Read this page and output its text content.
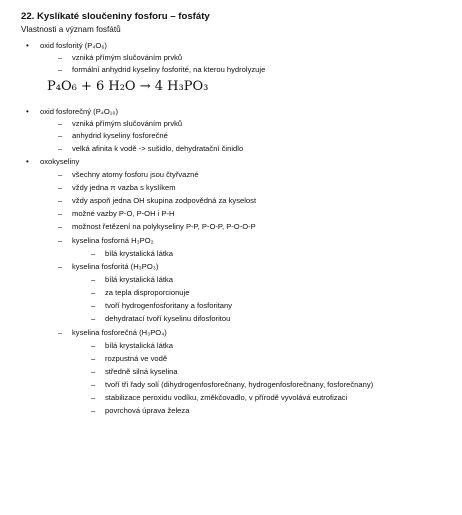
22. Kyslíkaté sloučeniny fosforu – fosfáty
Vlastnosti a význam fosfátů
• oxid fosforitý (P₄O₆)
– vzniká přímým slučováním prvků
– formální anhydrid kyseliny fosforité, na kterou hydrolyzuje
P₄O₆ + 6 H₂O → 4 H₃PO₃
• oxid fosforečný (P₄O₁₀)
– vzniká přímým slučováním prvků
– anhydrid kyseliny fosforečné
– velká afinita k vodě -> sušidlo, dehydratační činidlo
• oxokyseliny
– všechny atomy fosforu jsou čtyřvazné
– vždy jedna π vazba s kyslíkem
– vždy aspoň jedna OH skupina zodpovědná za kyselost
– možné vazby P-O, P-OH i P-H
– možnost řetězení na polykyseliny P-P, P-O-P, P-O-O-P
– kyselina fosforná H₃PO₂
– bílá krystalická látka
– kyselina fosforitá (H₃PO₃)
– bílá krystalická látka
– za tepla disproporcionuje
– tvoří hydrogenfosforitany a fosforitany
– dehydratací tvoří kyselinu difosforitou
– kyselina fosforečná (H₃PO₄)
– bílá krystalická látka
– rozpustná ve vodě
– středně silná kyselina
– tvoří tři řady solí (dihydrogenfosforečnany, hydrogenfosforečnany, fosforečnany)
– stabilizace peroxidu vodíku, změkčovadlo, v přírodě vyvolává eutrofizaci
– povrchová úprava železa
